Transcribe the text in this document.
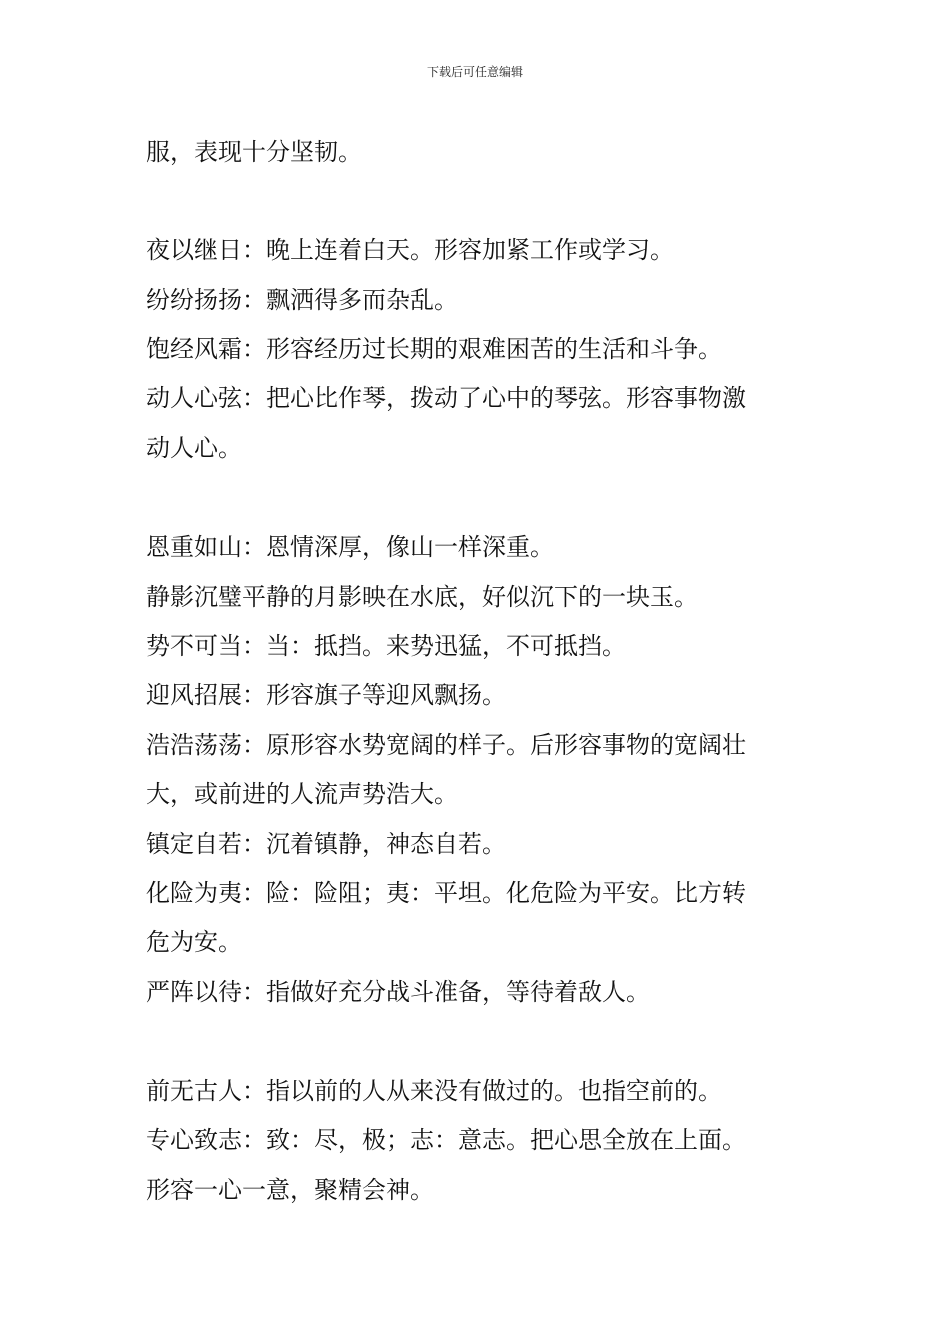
下载后可任意编辑
服，表现十分坚韧。
夜以继日：晚上连着白天。形容加紧工作或学习。
纷纷扬扬：飘洒得多而杂乱。
饱经风霜：形容经历过长期的艰难困苦的生活和斗争。
动人心弦：把心比作琴，拨动了心中的琴弦。形容事物激
动人心。
恩重如山：恩情深厚，像山一样深重。
静影沉璧平静的月影映在水底，好似沉下的一块玉。
势不可当：当：抵挡。来势迅猛，不可抵挡。
迎风招展：形容旗子等迎风飘扬。
浩浩荡荡：原形容水势宽阔的样子。后形容事物的宽阔壮
大，或前进的人流声势浩大。
镇定自若：沉着镇静，神态自若。
化险为夷：险：险阻；夷：平坦。化危险为平安。比方转
危为安。
严阵以待：指做好充分战斗准备，等待着敌人。
前无古人：指以前的人从来没有做过的。也指空前的。
专心致志：致：尽，极；志：意志。把心思全放在上面。
形容一心一意，聚精会神。
